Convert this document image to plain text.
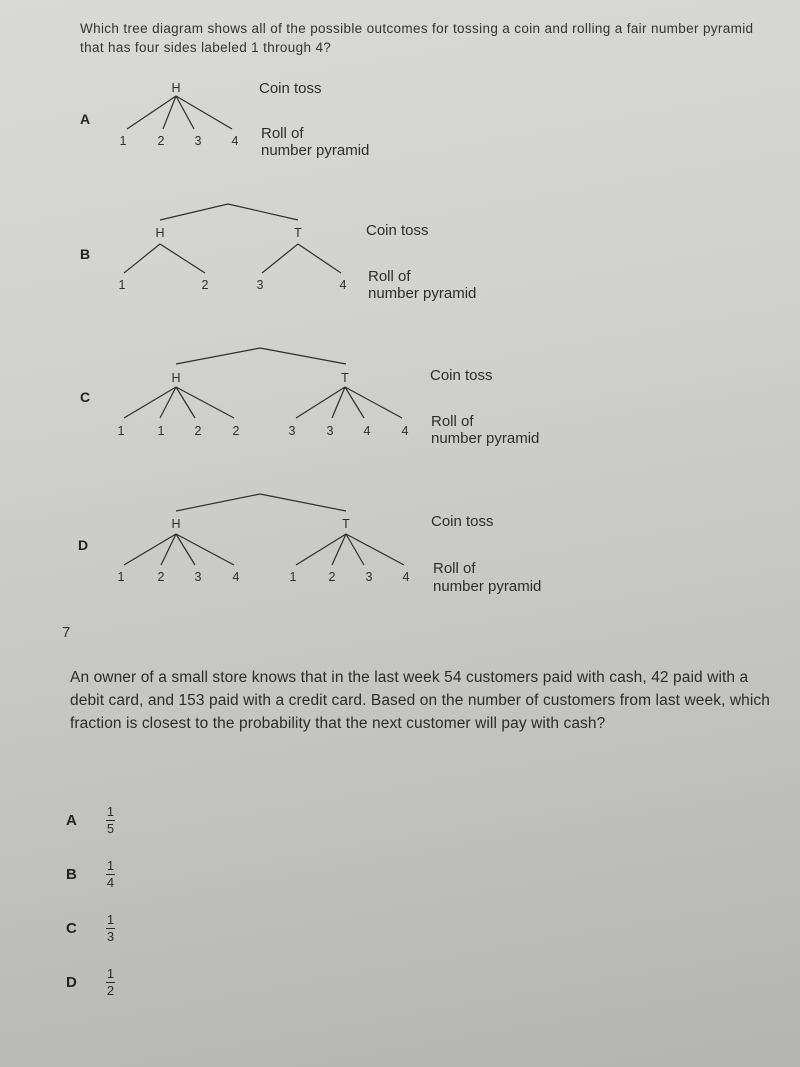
Which tree diagram shows all of the possible outcomes for tossing a coin and rolling a fair number pyramid that has four sides labeled 1 through 4?
A
B
C
D
Coin toss
Roll of
number pyramid
Coin toss
Roll of
number pyramid
Coin toss
Roll of
number pyramid
Coin toss
Roll of
number pyramid
H
1 2 3 4
H	T
1	2	3	4
H	T
1	1 2 2	3 3 4 4
H	T
1	2 3 4	1	2 3 4
7
An owner of a small store knows that in the last week 54 customers paid with cash, 42 paid with a debit card, and 153 paid with a credit card. Based on the number of customers from last week, which fraction is closest to the probability that the next customer will pay with cash?
A	$\frac{1}{5}$
B	$\frac{1}{4}$
C	$\frac{1}{3}$
D	$\frac{1}{2}$
